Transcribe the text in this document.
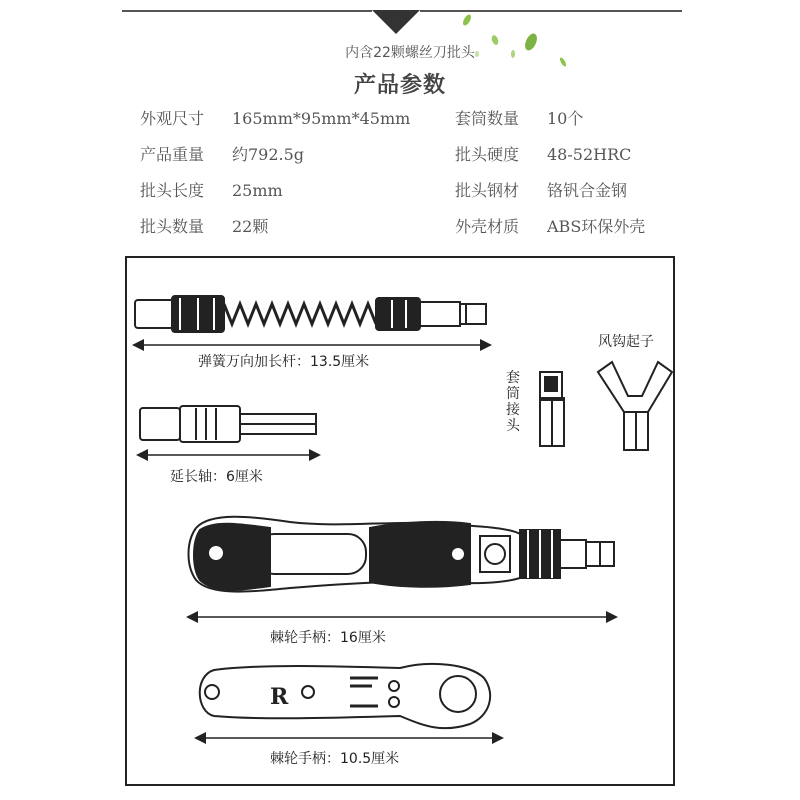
内含22颗螺丝刀批头
产品参数
外观尺寸 165mm*95mm*45mm
产品重量 约792.5g
批头长度 25mm
批头数量 22颗
套筒数量 10个
批头硬度 48-52HRC
批头钢材 铬钒合金钢
外壳材质 ABS环保外壳
R
弹簧万向加长杆：13.5厘米
延长轴：6厘米
套筒接头
风钩起子
棘轮手柄：16厘米
棘轮手柄：10.5厘米
